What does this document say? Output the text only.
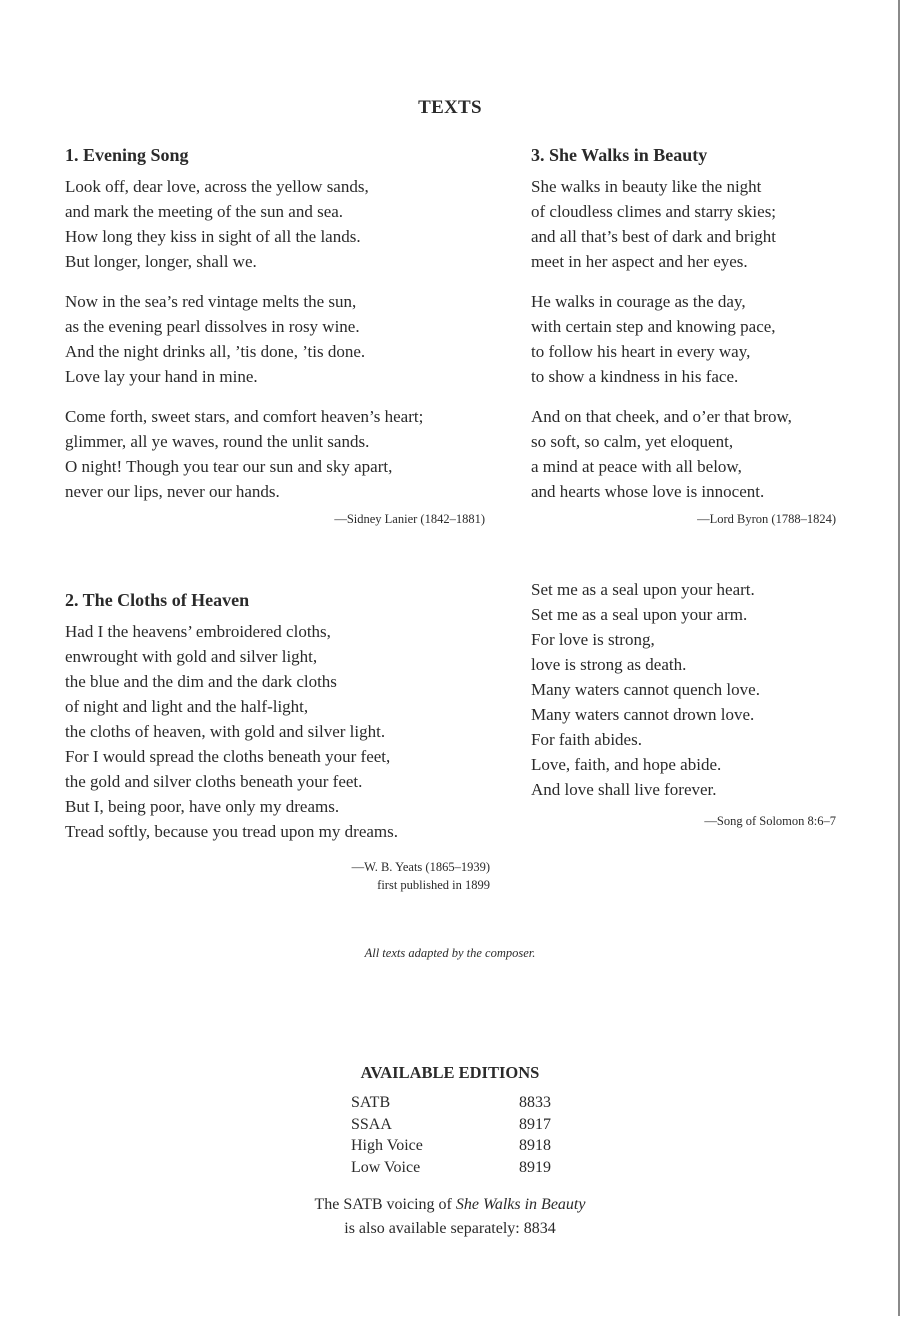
TEXTS
1. Evening Song
Look off, dear love, across the yellow sands,
and mark the meeting of the sun and sea.
How long they kiss in sight of all the lands.
But longer, longer, shall we.
Now in the sea’s red vintage melts the sun,
as the evening pearl dissolves in rosy wine.
And the night drinks all, ’tis done, ’tis done.
Love lay your hand in mine.
Come forth, sweet stars, and comfort heaven’s heart;
glimmer, all ye waves, round the unlit sands.
O night! Though you tear our sun and sky apart,
never our lips, never our hands.
—Sidney Lanier (1842–1881)
3. She Walks in Beauty
She walks in beauty like the night
of cloudless climes and starry skies;
and all that’s best of dark and bright
meet in her aspect and her eyes.
He walks in courage as the day,
with certain step and knowing pace,
to follow his heart in every way,
to show a kindness in his face.
And on that cheek, and o’er that brow,
so soft, so calm, yet eloquent,
a mind at peace with all below,
and hearts whose love is innocent.
—Lord Byron (1788–1824)
2. The Cloths of Heaven
Had I the heavens’ embroidered cloths,
enwrought with gold and silver light,
the blue and the dim and the dark cloths
of night and light and the half-light,
the cloths of heaven, with gold and silver light.
For I would spread the cloths beneath your feet,
the gold and silver cloths beneath your feet.
But I, being poor, have only my dreams.
Tread softly, because you tread upon my dreams.
—W. B. Yeats (1865–1939)
first published in 1899
Set me as a seal upon your heart.
Set me as a seal upon your arm.
For love is strong,
love is strong as death.
Many waters cannot quench love.
Many waters cannot drown love.
For faith abides.
Love, faith, and hope abide.
And love shall live forever.
—Song of Solomon 8:6–7
All texts adapted by the composer.
AVAILABLE EDITIONS
SATB	8833
SSAA	8917
High Voice	8918
Low Voice	8919
The SATB voicing of She Walks in Beauty
is also available separately: 8834
